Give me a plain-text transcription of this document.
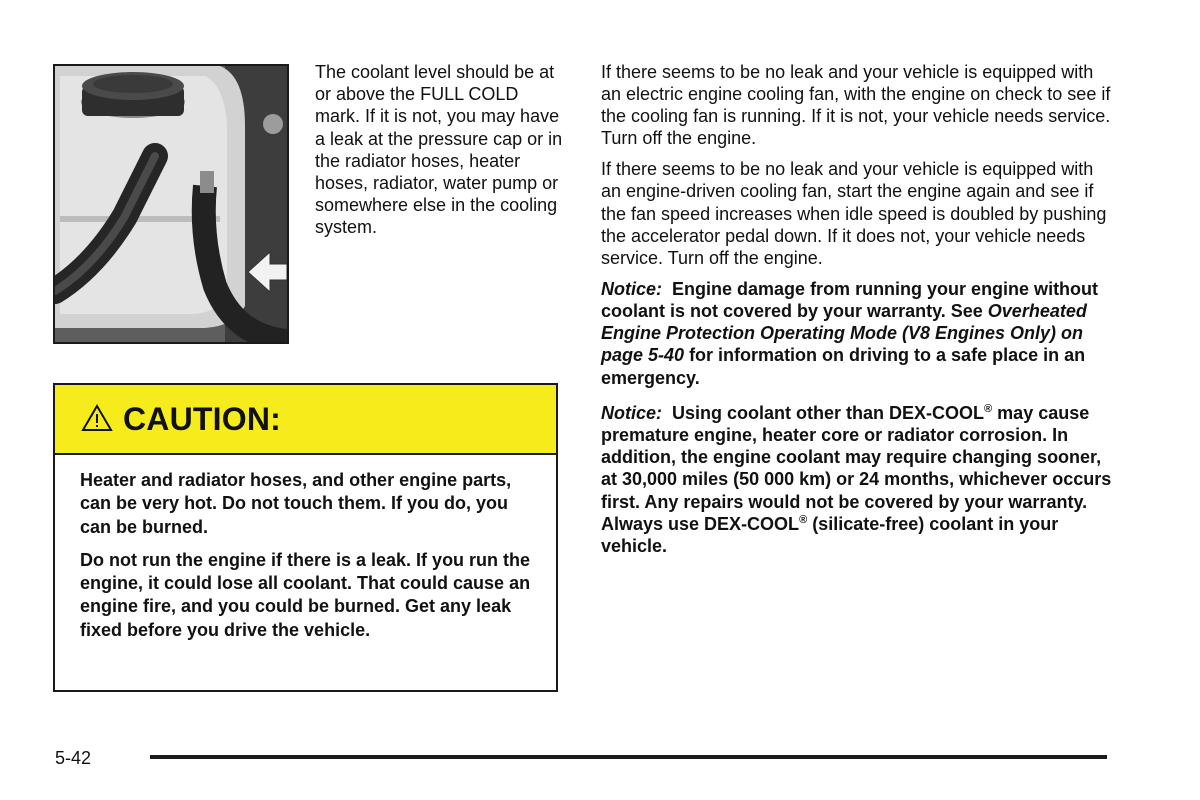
The coolant level should be at or above the FULL COLD mark. If it is not, you may have a leak at the pressure cap or in the radiator hoses, heater hoses, radiator, water pump or somewhere else in the cooling system.

CAUTION:

Heater and radiator hoses, and other engine parts, can be very hot. Do not touch them. If you do, you can be burned.

Do not run the engine if there is a leak. If you run the engine, it could lose all coolant. That could cause an engine fire, and you could be burned. Get any leak fixed before you drive the vehicle.

If there seems to be no leak and your vehicle is equipped with an electric engine cooling fan, with the engine on check to see if the cooling fan is running. If it is not, your vehicle needs service. Turn off the engine.

If there seems to be no leak and your vehicle is equipped with an engine-driven cooling fan, start the engine again and see if the fan speed increases when idle speed is doubled by pushing the accelerator pedal down. If it does not, your vehicle needs service. Turn off the engine.

Notice: Engine damage from running your engine without coolant is not covered by your warranty. See Overheated Engine Protection Operating Mode (V8 Engines Only) on page 5-40 for information on driving to a safe place in an emergency.

Notice: Using coolant other than DEX-COOL® may cause premature engine, heater core or radiator corrosion. In addition, the engine coolant may require changing sooner, at 30,000 miles (50 000 km) or 24 months, whichever occurs first. Any repairs would not be covered by your warranty. Always use DEX-COOL® (silicate-free) coolant in your vehicle.

5-42
